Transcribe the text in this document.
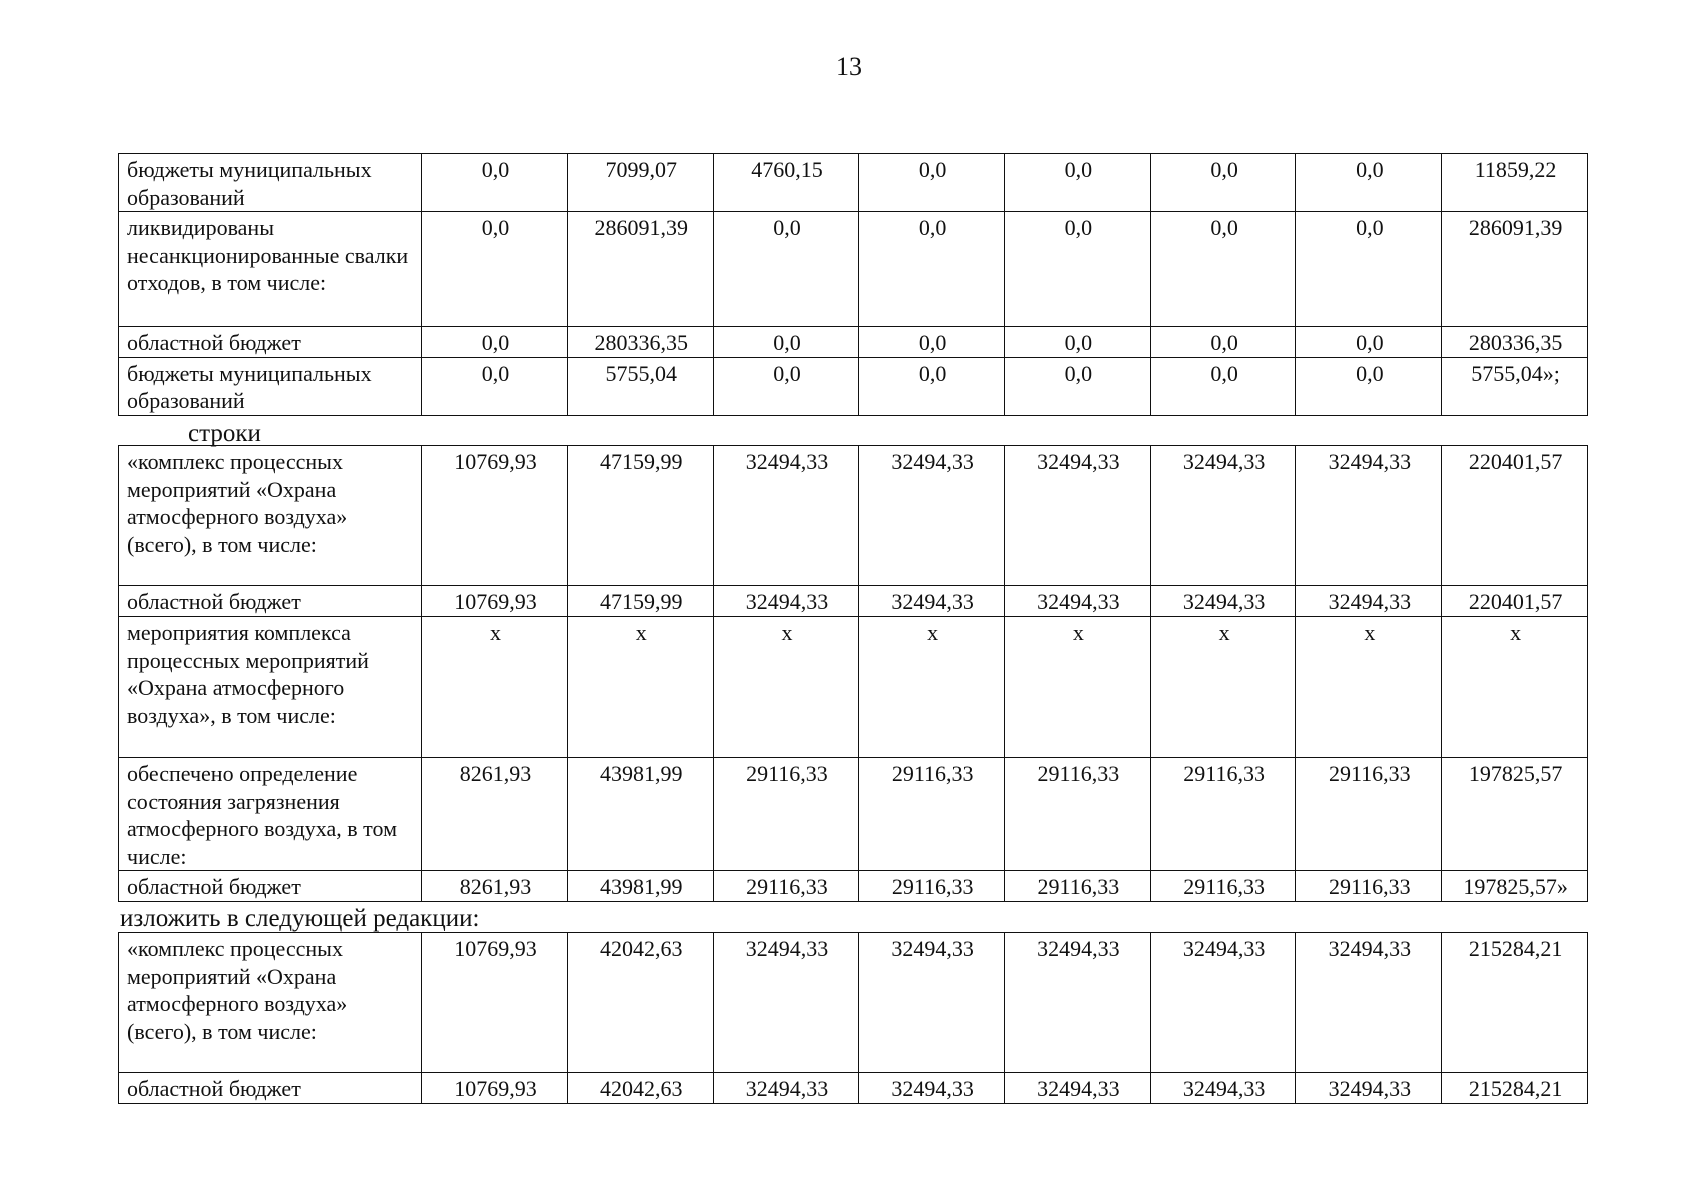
13
бюджеты муниципальных образований	0,0	7099,07	4760,15	0,0	0,0	0,0	0,0	11859,22
ликвидированы несанкционированные свалки отходов, в том числе:	0,0	286091,39	0,0	0,0	0,0	0,0	0,0	286091,39
областной бюджет	0,0	280336,35	0,0	0,0	0,0	0,0	0,0	280336,35
бюджеты муниципальных образований	0,0	5755,04	0,0	0,0	0,0	0,0	0,0	5755,04»;
строки
«комплекс процессных мероприятий «Охрана атмосферного воздуха» (всего), в том числе:	10769,93	47159,99	32494,33	32494,33	32494,33	32494,33	32494,33	220401,57
областной бюджет	10769,93	47159,99	32494,33	32494,33	32494,33	32494,33	32494,33	220401,57
мероприятия комплекса процессных мероприятий «Охрана атмосферного воздуха», в том числе:	х	х	х	х	х	х	х	х
обеспечено определение состояния загрязнения атмосферного воздуха, в том числе:	8261,93	43981,99	29116,33	29116,33	29116,33	29116,33	29116,33	197825,57
областной бюджет	8261,93	43981,99	29116,33	29116,33	29116,33	29116,33	29116,33	197825,57»
изложить в следующей редакции:
«комплекс процессных мероприятий «Охрана атмосферного воздуха» (всего), в том числе:	10769,93	42042,63	32494,33	32494,33	32494,33	32494,33	32494,33	215284,21
областной бюджет	10769,93	42042,63	32494,33	32494,33	32494,33	32494,33	32494,33	215284,21
